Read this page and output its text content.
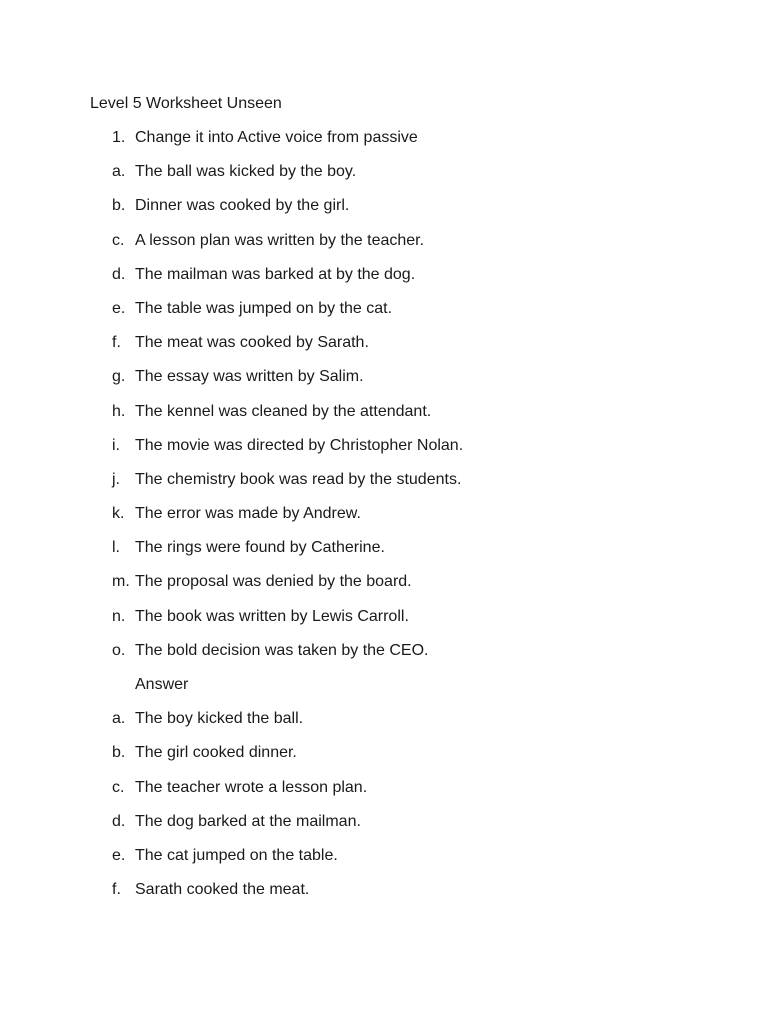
Level 5 Worksheet Unseen
1. Change it into Active voice from passive
a. The ball was kicked by the boy.
b. Dinner was cooked by the girl.
c. A lesson plan was written by the teacher.
d. The mailman was barked at by the dog.
e. The table was jumped on by the cat.
f. The meat was cooked by Sarath.
g. The essay was written by Salim.
h. The kennel was cleaned by the attendant.
i. The movie was directed by Christopher Nolan.
j. The chemistry book was read by the students.
k. The error was made by Andrew.
l. The rings were found by Catherine.
m. The proposal was denied by the board.
n. The book was written by Lewis Carroll.
o. The bold decision was taken by the CEO.
Answer
a. The boy kicked the ball.
b. The girl cooked dinner.
c. The teacher wrote a lesson plan.
d. The dog barked at the mailman.
e. The cat jumped on the table.
f. Sarath cooked the meat.
